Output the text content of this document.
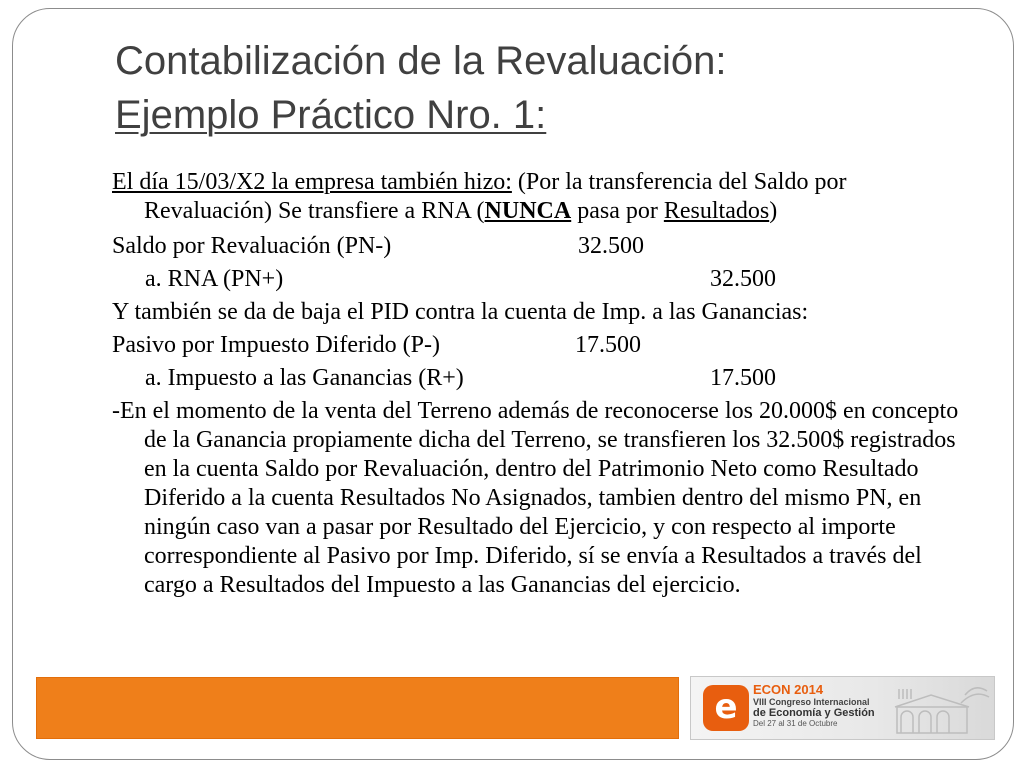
Contabilización de la Revaluación:
Ejemplo Práctico Nro. 1:
El día 15/03/X2 la empresa también hizo: (Por la transferencia del Saldo por Revaluación) Se transfiere a RNA (NUNCA pasa por Resultados)
Saldo por Revaluación (PN-)	32.500
a. RNA (PN+)	32.500
Y también se da de baja el PID contra la cuenta de Imp. a las Ganancias:
Pasivo por Impuesto Diferido (P-)	17.500
a. Impuesto a las Ganancias (R+)	17.500
-En el momento de la venta del Terreno además de reconocerse los 20.000$ en concepto de la Ganancia propiamente dicha del Terreno, se transfieren los 32.500$ registrados en la cuenta Saldo por Revaluación, dentro del Patrimonio Neto como Resultado Diferido a la cuenta Resultados No Asignados, tambien dentro del mismo PN, en ningún caso van a pasar por Resultado del Ejercicio, y con respecto al importe correspondiente al Pasivo por Imp. Diferido, sí se envía a Resultados a través del cargo a Resultados del Impuesto a las Ganancias del ejercicio.
e	ECON 2014
VIII Congreso Internacional
de Economía y Gestión
Del 27 al 31 de Octubre
